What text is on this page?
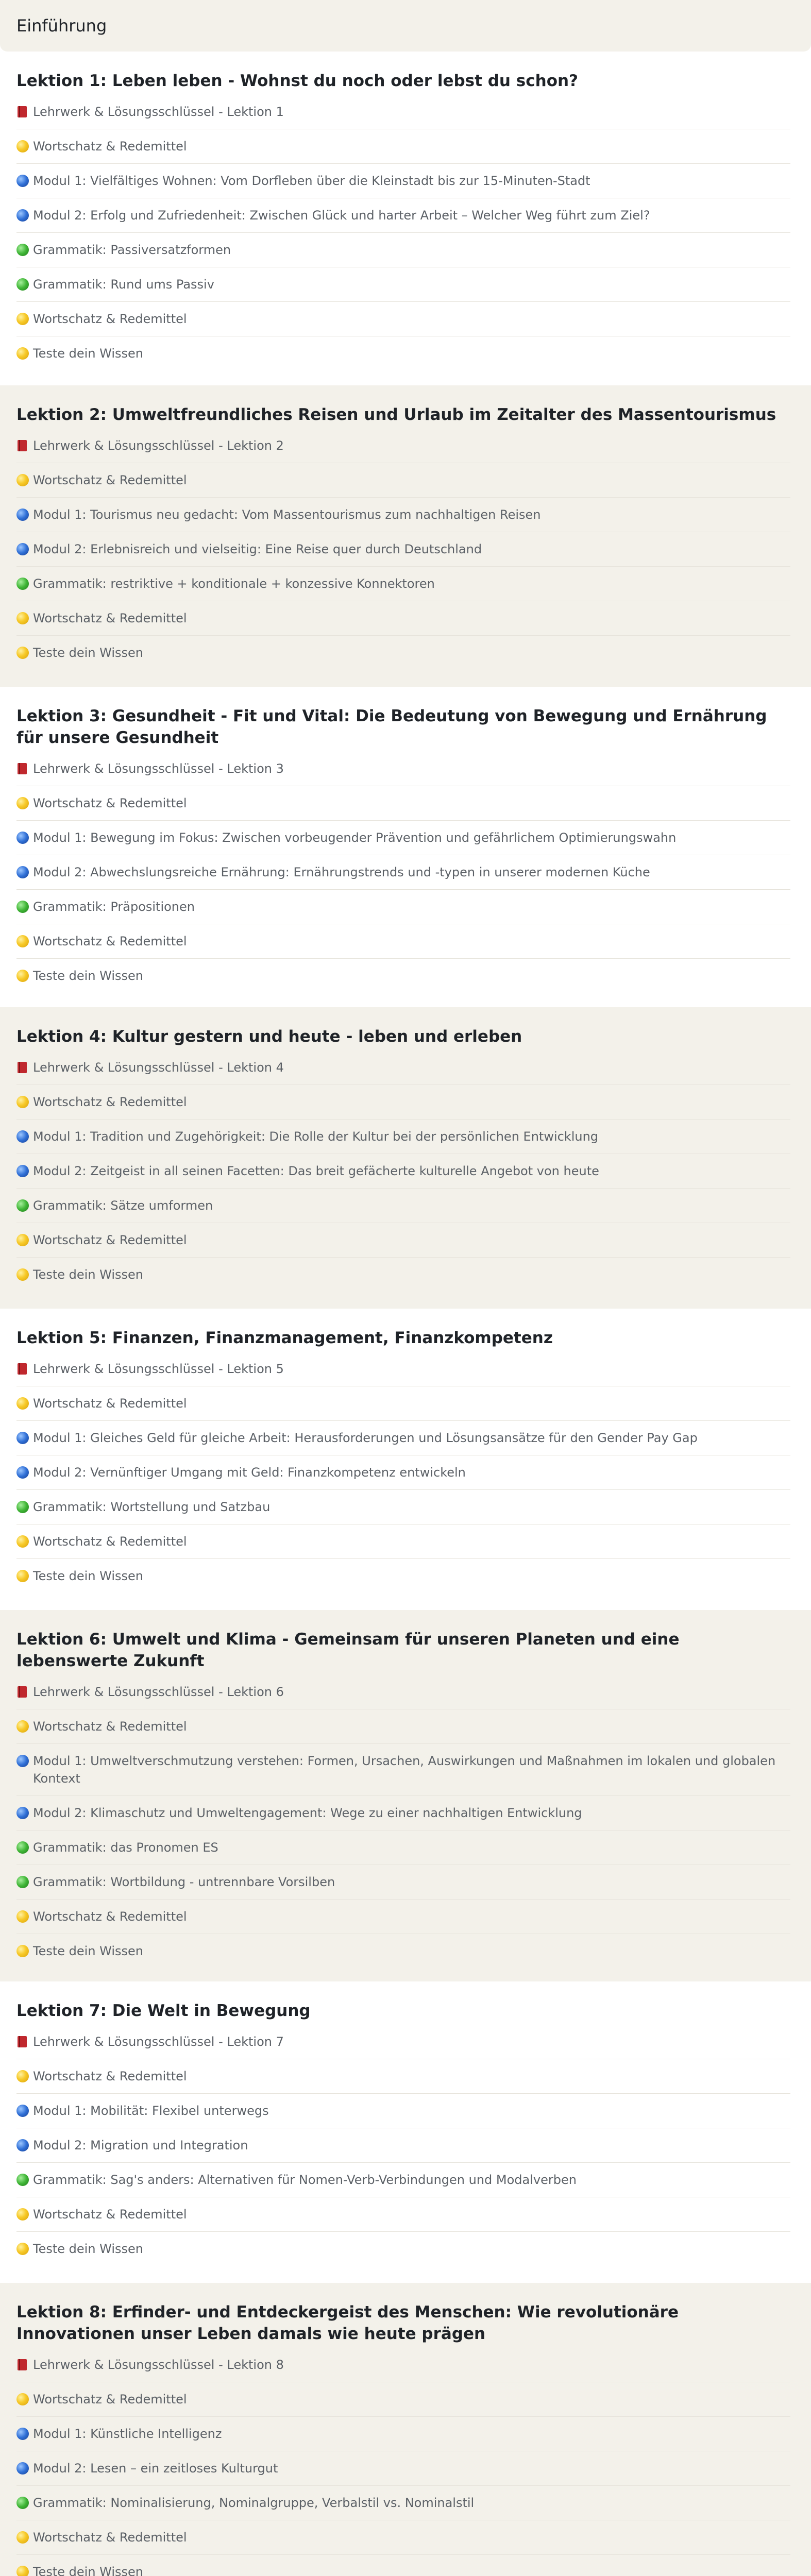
Einführung
Lektion 1: Leben leben - Wohnst du noch oder lebst du schon?
Lehrwerk & Lösungsschlüssel - Lektion 1
Wortschatz & Redemittel
Modul 1: Vielfältiges Wohnen: Vom Dorfleben über die Kleinstadt bis zur 15-Minuten-Stadt
Modul 2: Erfolg und Zufriedenheit: Zwischen Glück und harter Arbeit – Welcher Weg führt zum Ziel?
Grammatik: Passiversatzformen
Grammatik: Rund ums Passiv
Wortschatz & Redemittel
Teste dein Wissen
Lektion 2: Umweltfreundliches Reisen und Urlaub im Zeitalter des Massentourismus
Lehrwerk & Lösungsschlüssel - Lektion 2
Wortschatz & Redemittel
Modul 1: Tourismus neu gedacht: Vom Massentourismus zum nachhaltigen Reisen
Modul 2: Erlebnisreich und vielseitig: Eine Reise quer durch Deutschland
Grammatik: restriktive + konditionale + konzessive Konnektoren
Wortschatz & Redemittel
Teste dein Wissen
Lektion 3: Gesundheit - Fit und Vital: Die Bedeutung von Bewegung und Ernährung für unsere Gesundheit
Lehrwerk & Lösungsschlüssel - Lektion 3
Wortschatz & Redemittel
Modul 1: Bewegung im Fokus: Zwischen vorbeugender Prävention und gefährlichem Optimierungswahn
Modul 2: Abwechslungsreiche Ernährung: Ernährungstrends und -typen in unserer modernen Küche
Grammatik: Präpositionen
Wortschatz & Redemittel
Teste dein Wissen
Lektion 4: Kultur gestern und heute - leben und erleben
Lehrwerk & Lösungsschlüssel - Lektion 4
Wortschatz & Redemittel
Modul 1: Tradition und Zugehörigkeit: Die Rolle der Kultur bei der persönlichen Entwicklung
Modul 2: Zeitgeist in all seinen Facetten: Das breit gefächerte kulturelle Angebot von heute
Grammatik: Sätze umformen
Wortschatz & Redemittel
Teste dein Wissen
Lektion 5: Finanzen, Finanzmanagement, Finanzkompetenz
Lehrwerk & Lösungsschlüssel - Lektion 5
Wortschatz & Redemittel
Modul 1: Gleiches Geld für gleiche Arbeit: Herausforderungen und Lösungsansätze für den Gender Pay Gap
Modul 2: Vernünftiger Umgang mit Geld: Finanzkompetenz entwickeln
Grammatik: Wortstellung und Satzbau
Wortschatz & Redemittel
Teste dein Wissen
Lektion 6: Umwelt und Klima - Gemeinsam für unseren Planeten und eine lebenswerte Zukunft
Lehrwerk & Lösungsschlüssel - Lektion 6
Wortschatz & Redemittel
Modul 1: Umweltverschmutzung verstehen: Formen, Ursachen, Auswirkungen und Maßnahmen im lokalen und globalen Kontext
Modul 2: Klimaschutz und Umweltengagement: Wege zu einer nachhaltigen Entwicklung
Grammatik: das Pronomen ES
Grammatik: Wortbildung - untrennbare Vorsilben
Wortschatz & Redemittel
Teste dein Wissen
Lektion 7: Die Welt in Bewegung
Lehrwerk & Lösungsschlüssel - Lektion 7
Wortschatz & Redemittel
Modul 1: Mobilität: Flexibel unterwegs
Modul 2: Migration und Integration
Grammatik: Sag's anders: Alternativen für Nomen-Verb-Verbindungen und Modalverben
Wortschatz & Redemittel
Teste dein Wissen
Lektion 8: Erfinder- und Entdeckergeist des Menschen: Wie revolutionäre Innovationen unser Leben damals wie heute prägen
Lehrwerk & Lösungsschlüssel - Lektion 8
Wortschatz & Redemittel
Modul 1: Künstliche Intelligenz
Modul 2: Lesen – ein zeitloses Kulturgut
Grammatik: Nominalisierung, Nominalgruppe, Verbalstil vs. Nominalstil
Wortschatz & Redemittel
Teste dein Wissen
